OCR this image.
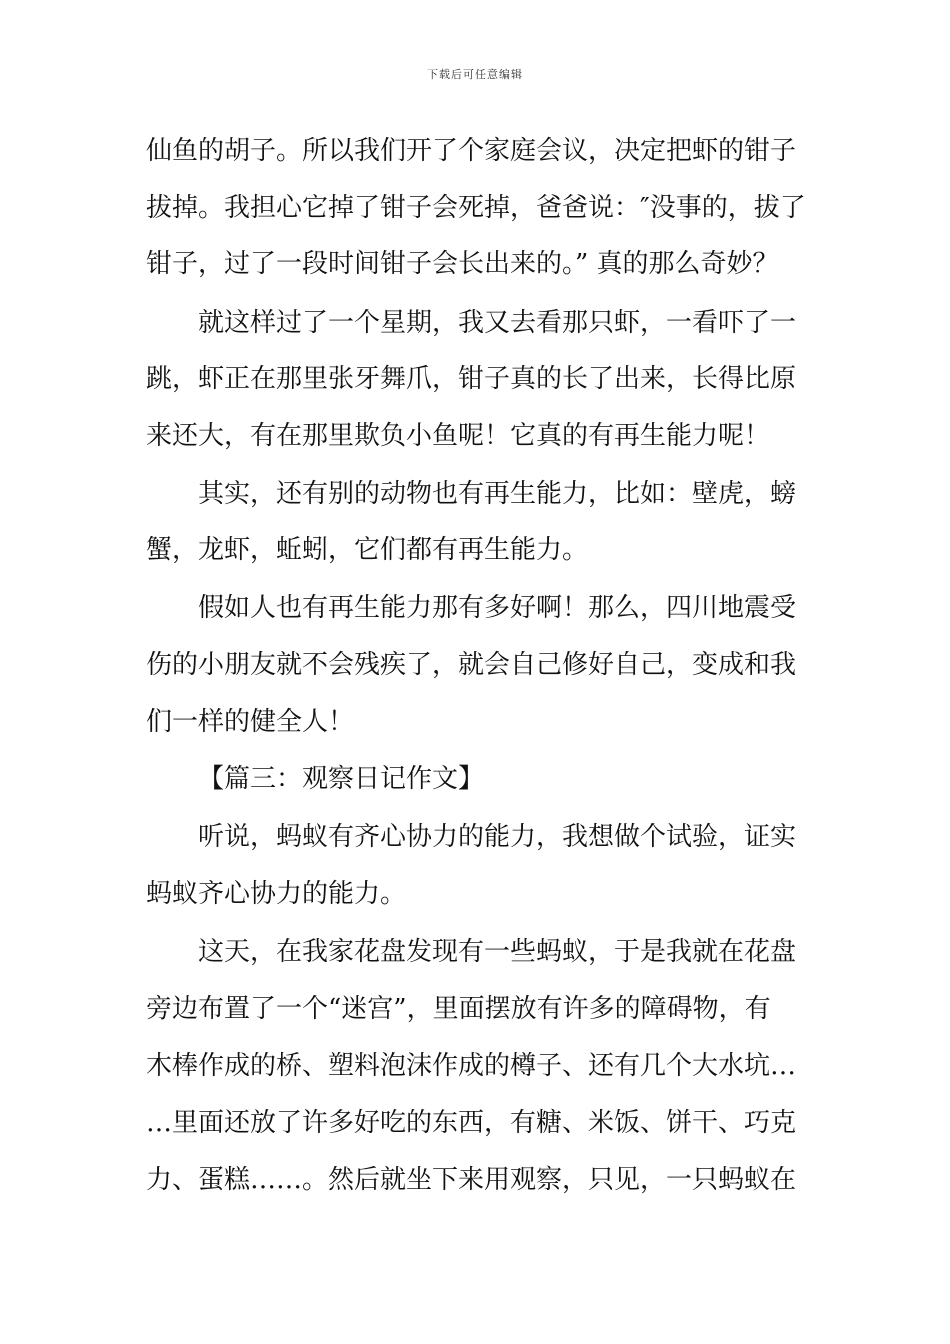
下载后可任意编辑
仙鱼的胡子。所以我们开了个家庭会议，决定把虾的钳子
拔掉。我担心它掉了钳子会死掉，爸爸说：″没事的，拔了
钳子，过了一段时间钳子会长出来的。” 真的那么奇妙？
就这样过了一个星期，我又去看那只虾，一看吓了一
跳，虾正在那里张牙舞爪，钳子真的长了出来，长得比原
来还大，有在那里欺负小鱼呢！它真的有再生能力呢！
其实，还有别的动物也有再生能力，比如：壁虎，螃
蟹，龙虾，蚯蚓，它们都有再生能力。
假如人也有再生能力那有多好啊！那么，四川地震受
伤的小朋友就不会残疾了，就会自己修好自己，变成和我
们一样的健全人！
【篇三：观察日记作文】
听说，蚂蚁有齐心协力的能力，我想做个试验，证实
蚂蚁齐心协力的能力。
这天，在我家花盘发现有一些蚂蚁，于是我就在花盘
旁边布置了一个“迷宫”，里面摆放有许多的障碍物，有
木棒作成的桥、塑料泡沫作成的樽子、还有几个大水坑…
…里面还放了许多好吃的东西，有糖、米饭、饼干、巧克
力、蛋糕……。然后就坐下来用观察，只见，一只蚂蚁在
